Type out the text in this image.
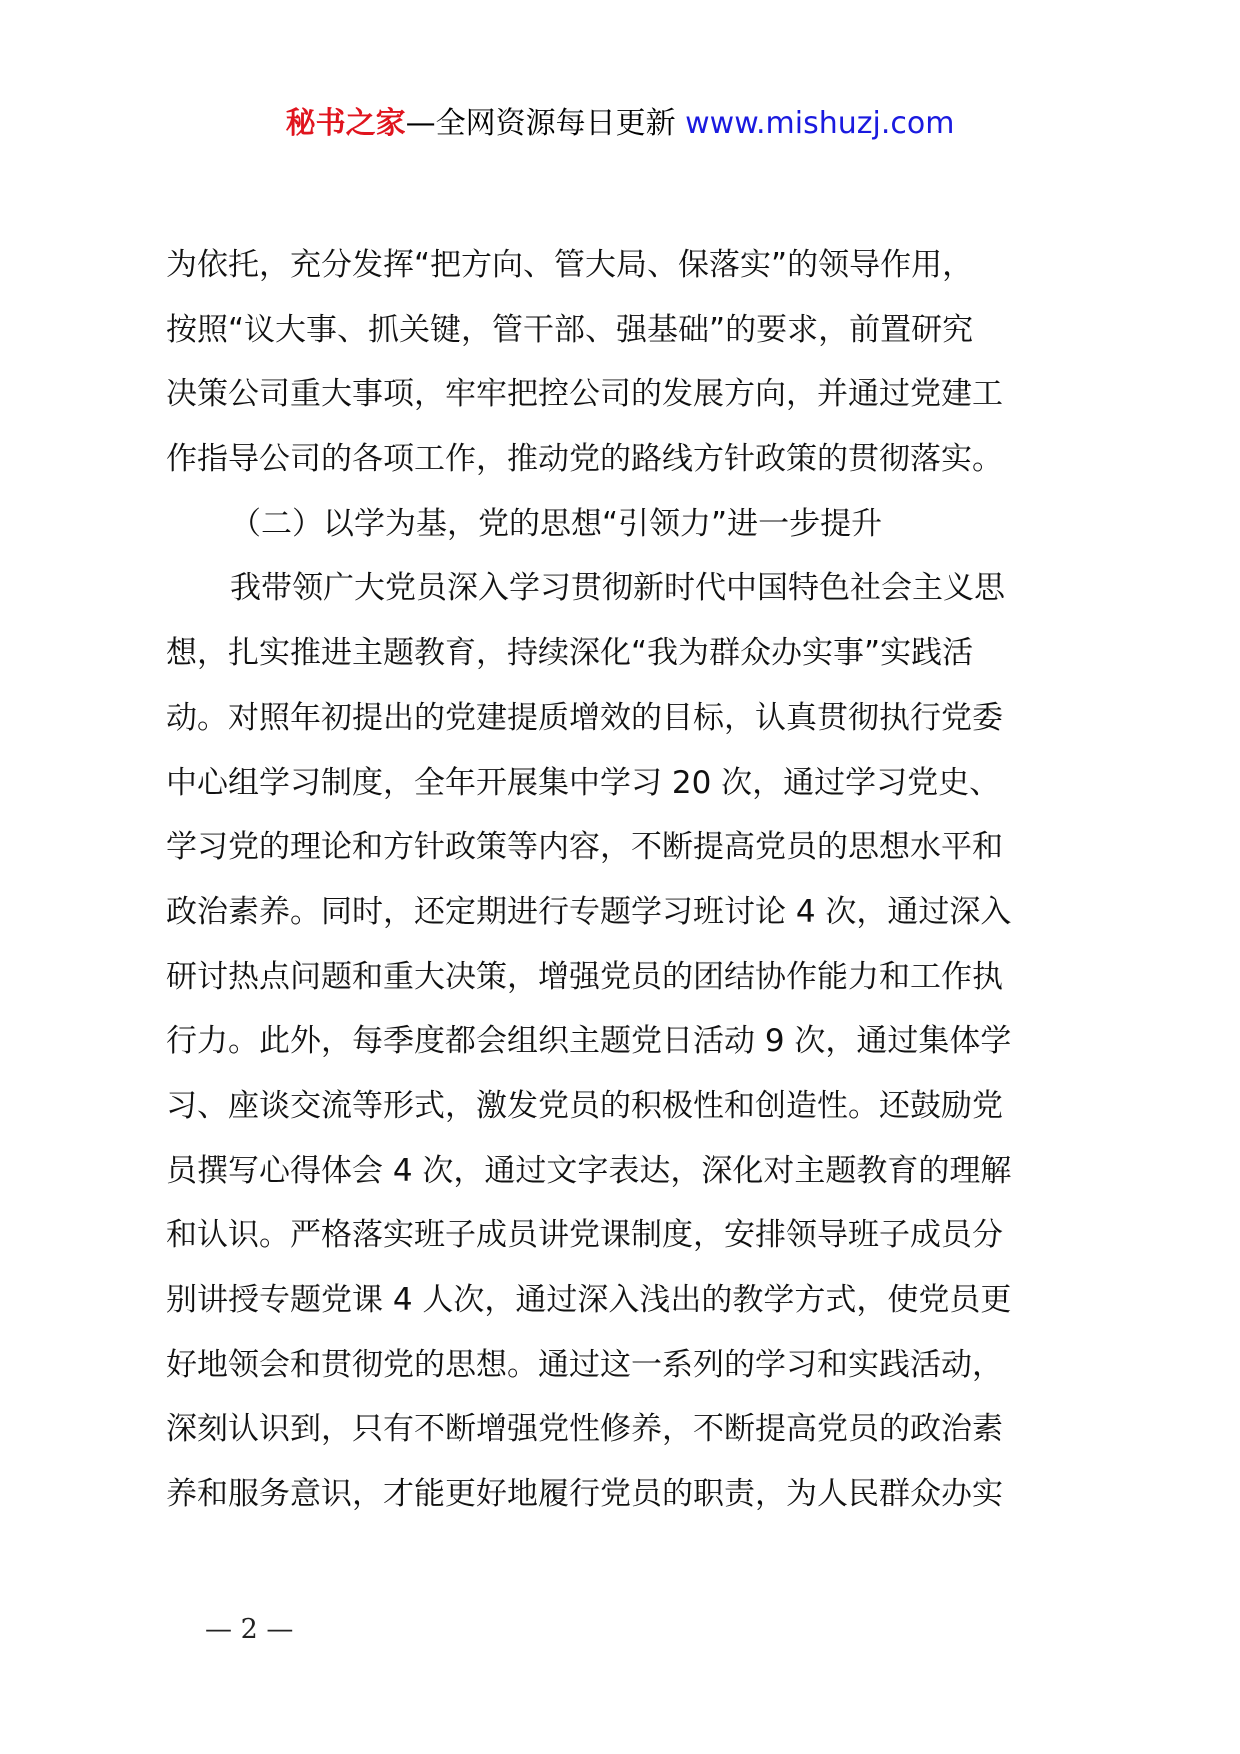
秘书之家—全网资源每日更新 www.mishuzj.com
为依托，充分发挥“把方向、管大局、保落实”的领导作用，
按照“议大事、抓关键，管干部、强基础”的要求，前置研究
决策公司重大事项，牢牢把控公司的发展方向，并通过党建工
作指导公司的各项工作，推动党的路线方针政策的贯彻落实。
（二）以学为基，党的思想“引领力”进一步提升
我带领广大党员深入学习贯彻新时代中国特色社会主义思
想，扎实推进主题教育，持续深化“我为群众办实事”实践活
动。对照年初提出的党建提质增效的目标，认真贯彻执行党委
中心组学习制度，全年开展集中学习 20 次，通过学习党史、
学习党的理论和方针政策等内容，不断提高党员的思想水平和
政治素养。同时，还定期进行专题学习班讨论 4 次，通过深入
研讨热点问题和重大决策，增强党员的团结协作能力和工作执
行力。此外，每季度都会组织主题党日活动 9 次，通过集体学
习、座谈交流等形式，激发党员的积极性和创造性。还鼓励党
员撰写心得体会 4 次，通过文字表达，深化对主题教育的理解
和认识。严格落实班子成员讲党课制度，安排领导班子成员分
别讲授专题党课 4 人次，通过深入浅出的教学方式，使党员更
好地领会和贯彻党的思想。通过这一系列的学习和实践活动，
深刻认识到，只有不断增强党性修养，不断提高党员的政治素
养和服务意识，才能更好地履行党员的职责，为人民群众办实
— 2 —
